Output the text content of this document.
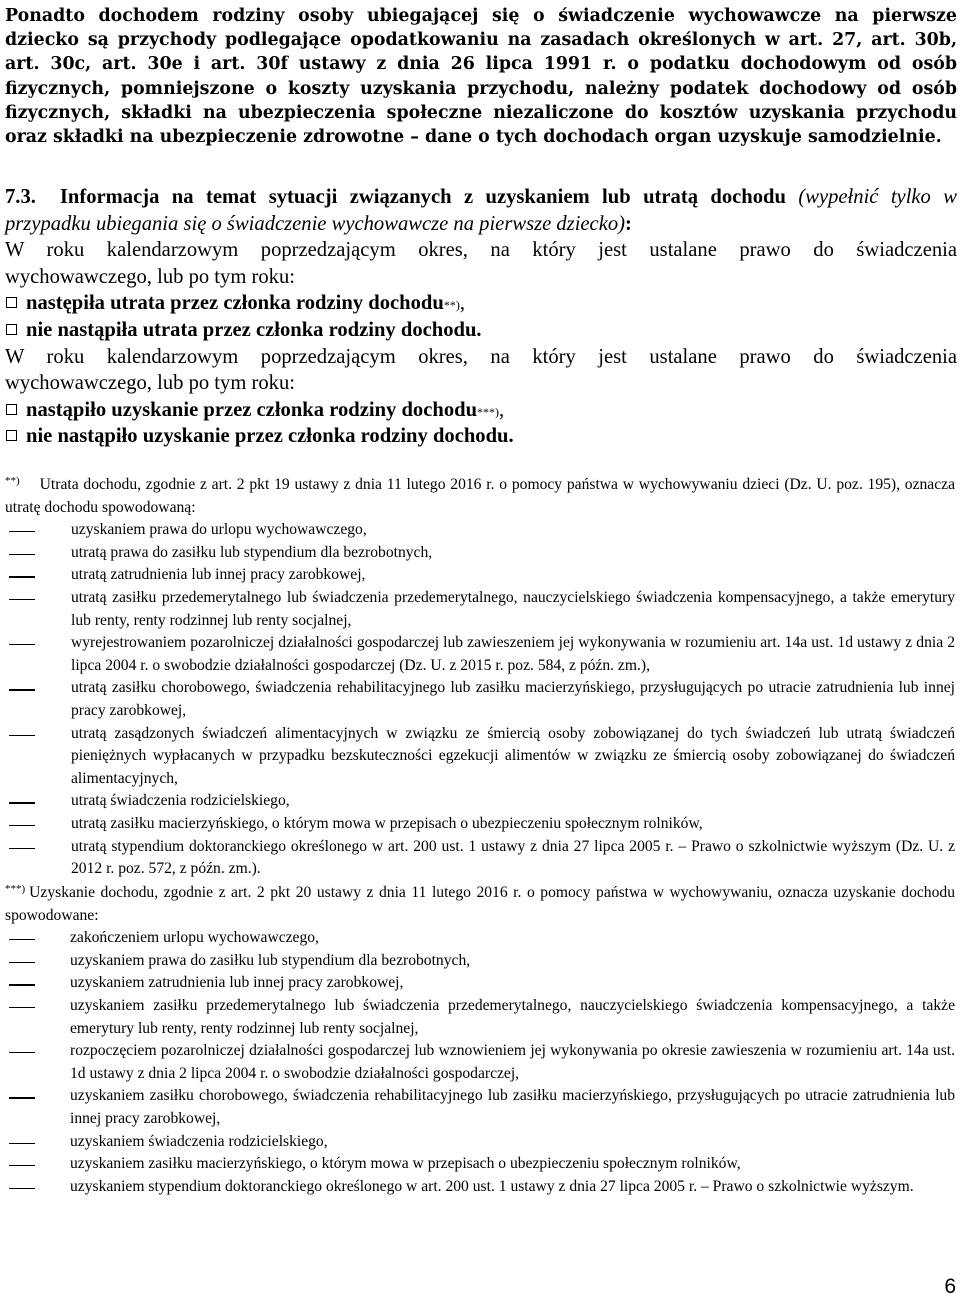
Ponadto dochodem rodziny osoby ubiegającej się o świadczenie wychowawcze na pierwsze dziecko są przychody podlegające opodatkowaniu na zasadach określonych w art. 27, art. 30b, art. 30c, art. 30e i art. 30f ustawy z dnia 26 lipca 1991 r. o podatku dochodowym od osób fizycznych, pomniejszone o koszty uzyskania przychodu, należny podatek dochodowy od osób fizycznych, składki na ubezpieczenia społeczne niezaliczone do kosztów uzyskania przychodu oraz składki na ubezpieczenie zdrowotne – dane o tych dochodach organ uzyskuje samodzielnie.

7.3. Informacja na temat sytuacji związanych z uzyskaniem lub utratą dochodu (wypełnić tylko w przypadku ubiegania się o świadczenie wychowawcze na pierwsze dziecko):

W roku kalendarzowym poprzedzającym okres, na który jest ustalane prawo do świadczenia

wychowawczego, lub po tym roku:

następiła utrata przez członka rodziny dochodu **) ,
nie nastąpiła utrata przez członka rodziny dochodu.

W roku kalendarzowym poprzedzającym okres, na który jest ustalane prawo do świadczenia

wychowawczego, lub po tym roku:

nastąpiło uzyskanie przez członka rodziny dochodu ***) ,
nie nastąpiło uzyskanie przez członka rodziny dochodu.

**) Utrata dochodu, zgodnie z art. 2 pkt 19 ustawy z dnia 11 lutego 2016 r. o pomocy państwa w wychowywaniu dzieci (Dz. U. poz. 195), oznacza utratę dochodu spowodowaną:

uzyskaniem prawa do urlopu wychowawczego,
utratą prawa do zasiłku lub stypendium dla bezrobotnych,
utratą zatrudnienia lub innej pracy zarobkowej,
utratą zasiłku przedemerytalnego lub świadczenia przedemerytalnego, nauczycielskiego świadczenia kompensacyjnego, a także emerytury lub renty, renty rodzinnej lub renty socjalnej,
wyrejestrowaniem pozarolniczej działalności gospodarczej lub zawieszeniem jej wykonywania w rozumieniu art. 14a ust. 1d ustawy z dnia 2 lipca 2004 r. o swobodzie działalności gospodarczej (Dz. U. z 2015 r. poz. 584, z późn. zm.),
utratą zasiłku chorobowego, świadczenia rehabilitacyjnego lub zasiłku macierzyńskiego, przysługujących po utracie zatrudnienia lub innej pracy zarobkowej,
utratą zasądzonych świadczeń alimentacyjnych w związku ze śmiercią osoby zobowiązanej do tych świadczeń lub utratą świadczeń pieniężnych wypłacanych w przypadku bezskuteczności egzekucji alimentów w związku ze śmiercią osoby zobowiązanej do świadczeń alimentacyjnych,
utratą świadczenia rodzicielskiego,
utratą zasiłku macierzyńskiego, o którym mowa w przepisach o ubezpieczeniu społecznym rolników,
utratą stypendium doktoranckiego określonego w art. 200 ust. 1 ustawy z dnia 27 lipca 2005 r. – Prawo o szkolnictwie wyższym (Dz. U. z 2012 r. poz. 572, z późn. zm.).

***) Uzyskanie dochodu, zgodnie z art. 2 pkt 20 ustawy z dnia 11 lutego 2016 r. o pomocy państwa w wychowywaniu, oznacza uzyskanie dochodu spowodowane:

zakończeniem urlopu wychowawczego,
uzyskaniem prawa do zasiłku lub stypendium dla bezrobotnych,
uzyskaniem zatrudnienia lub innej pracy zarobkowej,
uzyskaniem zasiłku przedemerytalnego lub świadczenia przedemerytalnego, nauczycielskiego świadczenia kompensacyjnego, a także emerytury lub renty, renty rodzinnej lub renty socjalnej,
rozpoczęciem pozarolniczej działalności gospodarczej lub wznowieniem jej wykonywania po okresie zawieszenia w rozumieniu art. 14a ust. 1d ustawy z dnia 2 lipca 2004 r. o swobodzie działalności gospodarczej,
uzyskaniem zasiłku chorobowego, świadczenia rehabilitacyjnego lub zasiłku macierzyńskiego, przysługujących po utracie zatrudnienia lub innej pracy zarobkowej,
uzyskaniem świadczenia rodzicielskiego,
uzyskaniem zasiłku macierzyńskiego, o którym mowa w przepisach o ubezpieczeniu społecznym rolników,
uzyskaniem stypendium doktoranckiego określonego w art. 200 ust. 1 ustawy z dnia 27 lipca 2005 r. – Prawo o szkolnictwie wyższym.
6
